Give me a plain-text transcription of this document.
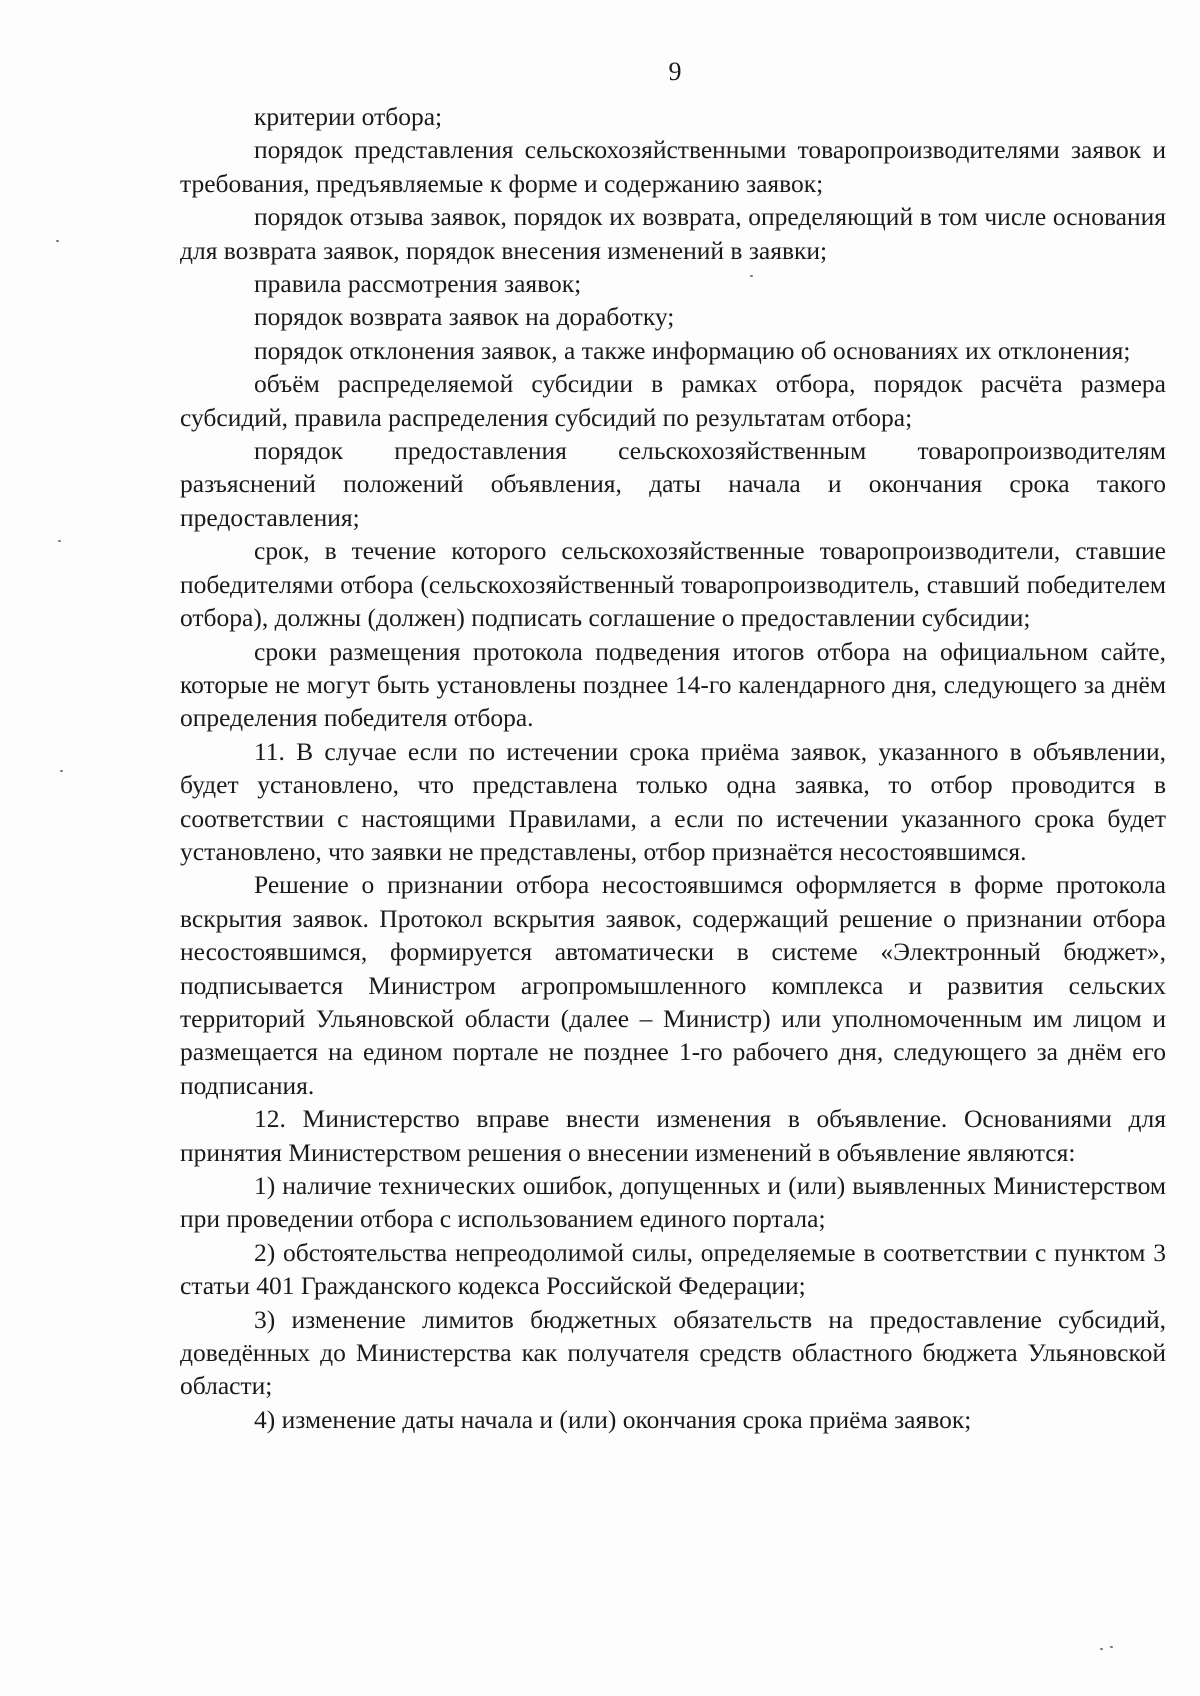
9

критерии отбора;

порядок представления сельскохозяйственными товаропроизводителями заявок и требования, предъявляемые к форме и содержанию заявок;

порядок отзыва заявок, порядок их возврата, определяющий в том числе основания для возврата заявок, порядок внесения изменений в заявки;

правила рассмотрения заявок;

порядок возврата заявок на доработку;

порядок отклонения заявок, а также информацию об основаниях их отклонения;

объём распределяемой субсидии в рамках отбора, порядок расчёта размера субсидий, правила распределения субсидий по результатам отбора;

порядок предоставления сельскохозяйственным товаропроизводителям разъяснений положений объявления, даты начала и окончания срока такого предоставления;

срок, в течение которого сельскохозяйственные товаропроизводители, ставшие победителями отбора (сельскохозяйственный товаропроизводитель, ставший победителем отбора), должны (должен) подписать соглашение о предоставлении субсидии;

сроки размещения протокола подведения итогов отбора на официальном сайте, которые не могут быть установлены позднее 14-го календарного дня, следующего за днём определения победителя отбора.

11. В случае если по истечении срока приёма заявок, указанного в объявлении, будет установлено, что представлена только одна заявка, то отбор проводится в соответствии с настоящими Правилами, а если по истечении указанного срока будет установлено, что заявки не представлены, отбор признаётся несостоявшимся.

Решение о признании отбора несостоявшимся оформляется в форме протокола вскрытия заявок. Протокол вскрытия заявок, содержащий решение о признании отбора несостоявшимся, формируется автоматически в системе «Электронный бюджет», подписывается Министром агропромышленного комплекса и развития сельских территорий Ульяновской области (далее – Министр) или уполномоченным им лицом и размещается на едином портале не позднее 1-го рабочего дня, следующего за днём его подписания.

12. Министерство вправе внести изменения в объявление. Основаниями для принятия Министерством решения о внесении изменений в объявление являются:

1) наличие технических ошибок, допущенных и (или) выявленных Министерством при проведении отбора с использованием единого портала;

2) обстоятельства непреодолимой силы, определяемые в соответствии с пунктом 3 статьи 401 Гражданского кодекса Российской Федерации;

3) изменение лимитов бюджетных обязательств на предоставление субсидий, доведённых до Министерства как получателя средств областного бюджета Ульяновской области;

4) изменение даты начала и (или) окончания срока приёма заявок;
